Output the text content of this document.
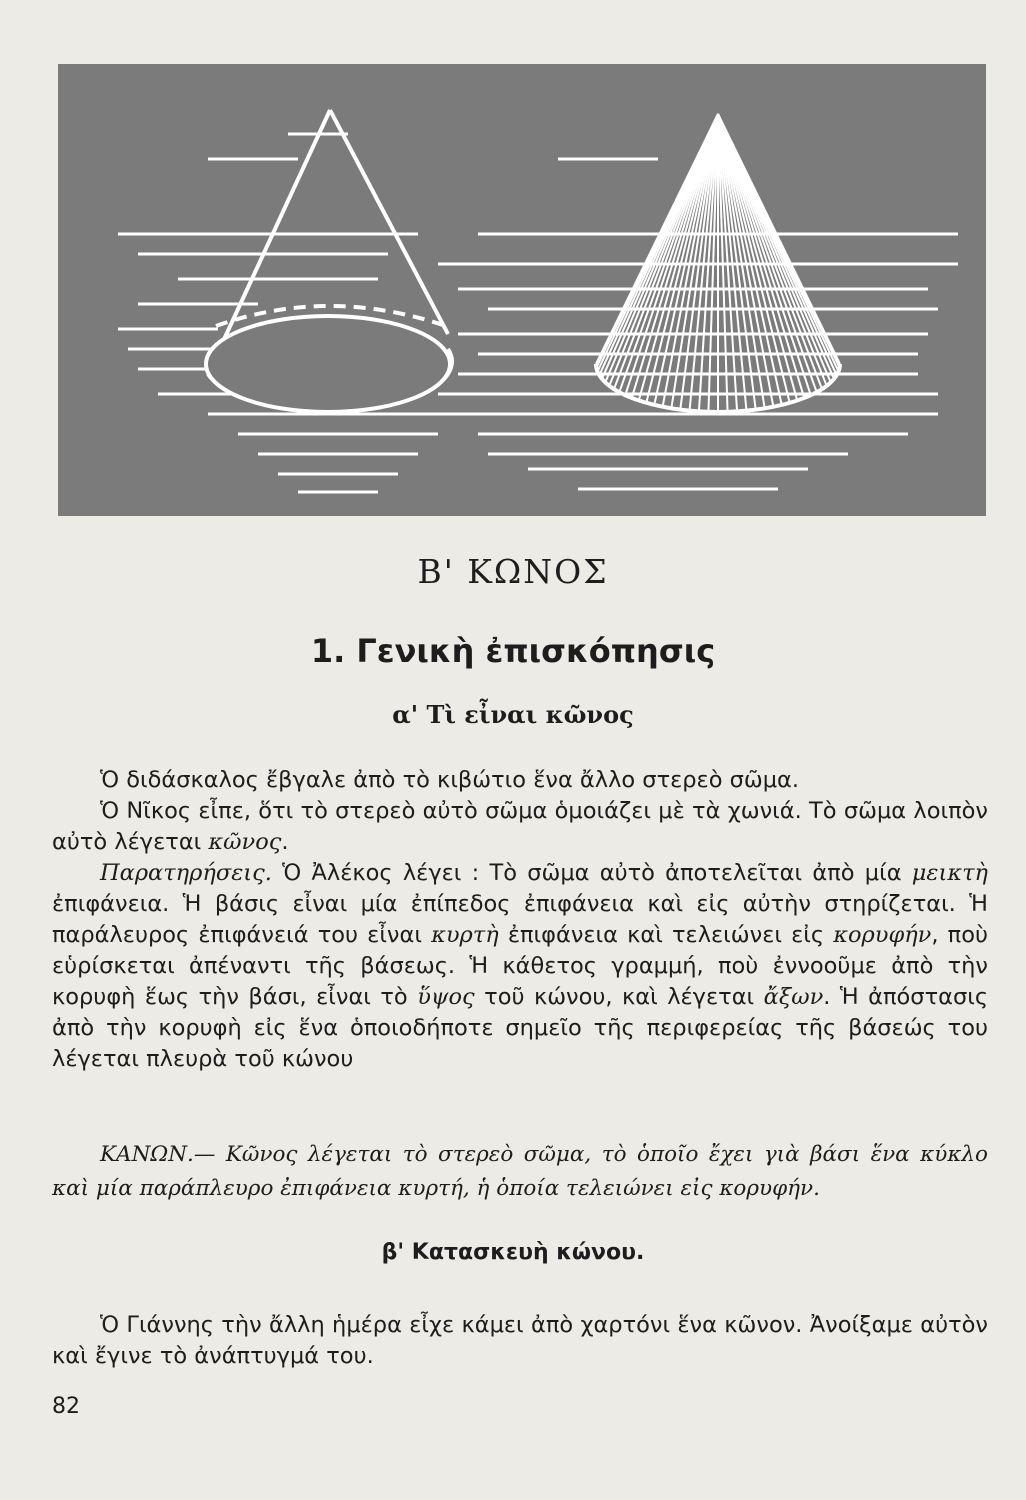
Β' ΚΩΝΟΣ
1. Γενικὴ ἐπισκόπησις
α' Τὶ εἶναι κῶνος

Ὁ διδάσκαλος ἔβγαλε ἀπὸ τὸ κιβώτιο ἕνα ἄλλο στερεὸ σῶμα.

Ὁ Νῖκος εἶπε, ὅτι τὸ στερεὸ αὐτὸ σῶμα ὁμοιάζει μὲ τὰ χωνιά. Τὸ σῶμα λοιπὸν αὐτὸ λέγεται κῶνος.

Παρατηρήσεις. Ὁ Ἀλέκος λέγει : Τὸ σῶμα αὐτὸ ἀποτελεῖται ἀπὸ μία μεικτὴ ἐπιφάνεια. Ἡ βάσις εἶναι μία ἐπίπεδος ἐπιφάνεια καὶ εἰς αὐτὴν στηρίζεται. Ἡ παράλευρος ἐπιφάνειά του εἶναι κυρτὴ ἐπιφάνεια καὶ τελειώνει εἰς κορυφήν, ποὺ εὑρίσκεται ἀπέναντι τῆς βάσεως. Ἡ κάθετος γραμμή, ποὺ ἐννοοῦμε ἀπὸ τὴν κορυφὴ ἕως τὴν βάσι, εἶναι τὸ ὕψος τοῦ κώνου, καὶ λέγεται ἄξων. Ἡ ἀπόστασις ἀπὸ τὴν κορυφὴ εἰς ἕνα ὁποιοδήποτε σημεῖο τῆς περιφερείας τῆς βάσεώς του λέγεται πλευρὰ τοῦ κώνου

ΚΑΝΩΝ.— Κῶνος λέγεται τὸ στερεὸ σῶμα, τὸ ὁποῖο ἔχει γιὰ βάσι ἕνα κύκλο καὶ μία παράπλευρο ἐπιφάνεια κυρτή, ἡ ὁποία τελειώνει εἰς κορυφήν.
β' Κατασκευὴ κώνου.

Ὁ Γιάννης τὴν ἄλλη ἡμέρα εἶχε κάμει ἀπὸ χαρτόνι ἕνα κῶνον. Ἀνοίξαμε αὐτὸν καὶ ἔγινε τὸ ἀνάπτυγμά του.

82
